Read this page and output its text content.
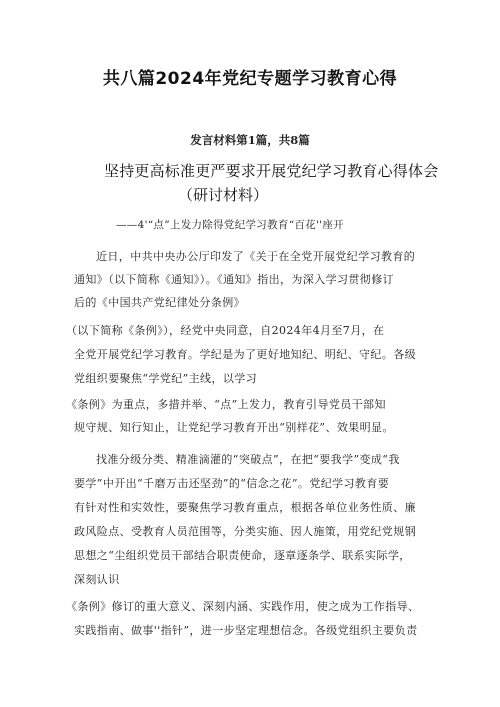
共八篇2024年党纪专题学习教育心得
发言材料第1篇，共8篇
坚持更高标准更严要求开展党纪学习教育心得体会
（研讨材料）
——4'“点”上发力除得党纪学习教育“百花''座开
近日，中共中央办公厅印发了《关于在全党开展党纪学习教育的
通知》（以下简称《通知》）。《通知》指出，为深入学习贯彻修订
后的《中国共产党纪律处分条例》
（以下简称《条例》），经党中央同意，自2024年4月至7月，在
全党开展党纪学习教育。学纪是为了更好地知纪、明纪、守纪。各级
党组织要聚焦“学党纪”主线，以学习
《条例》为重点，多措并举、“点”上发力，教育引导党员干部知
规守规、知行知止，让党纪学习教育开出“别样花”、效果明显。
找准分级分类、精准滴灌的“突破点”，在把“要我学”变成“我
要学”中开出“千磨万击还坚劲”的“信念之花”。党纪学习教育要
有针对性和实效性，要聚焦学习教育重点，根据各单位业务性质、廉
政风险点、受教育人员范围等，分类实施、因人施策，用党纪党规钢
思想之“尘组织党员干部结合职责使命，逐章逐条学、联系实际学，
深刻认识
《条例》修订的重大意义、深刻内涵、实践作用，使之成为工作指导、
实践指南、做事''指针”，进一步坚定理想信念。各级党组织主要负责
